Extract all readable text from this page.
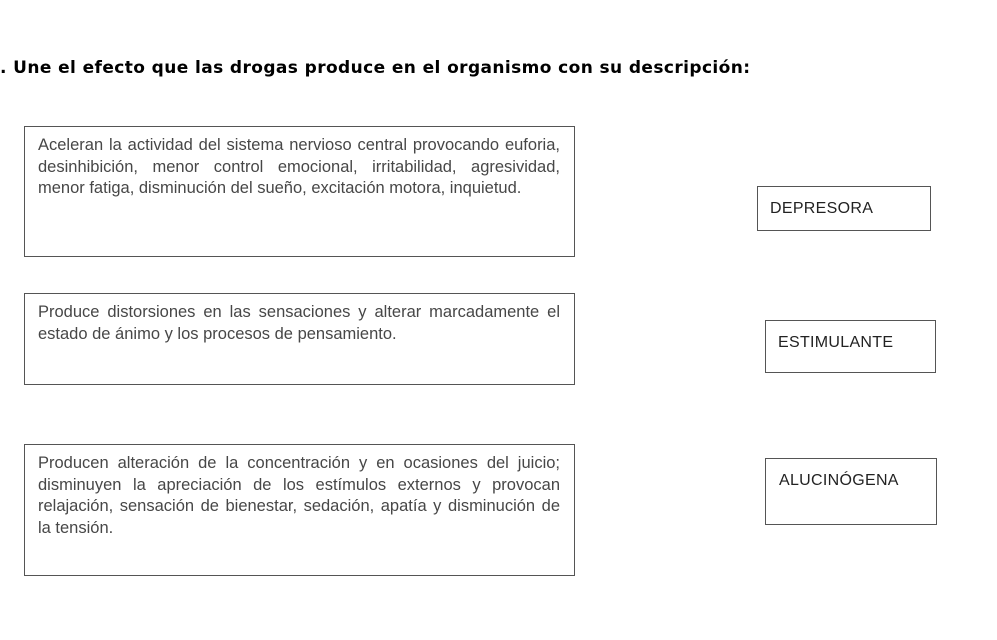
. Une el efecto que las drogas produce en el organismo con su descripción:

Aceleran la actividad del sistema nervioso central provocando euforia, desinhibición, menor control emocional, irritabilidad, agresividad, menor fatiga, disminución del sueño, excitación motora, inquietud.
Produce distorsiones en las sensaciones y alterar marcadamente el estado de ánimo y los procesos de pensamiento.
Producen alteración de la concentración y en ocasiones del juicio; disminuyen la apreciación de los estímulos externos y provocan relajación, sensación de bienestar, sedación, apatía y disminución de la tensión.
DEPRESORA
ESTIMULANTE
ALUCINÓGENA
